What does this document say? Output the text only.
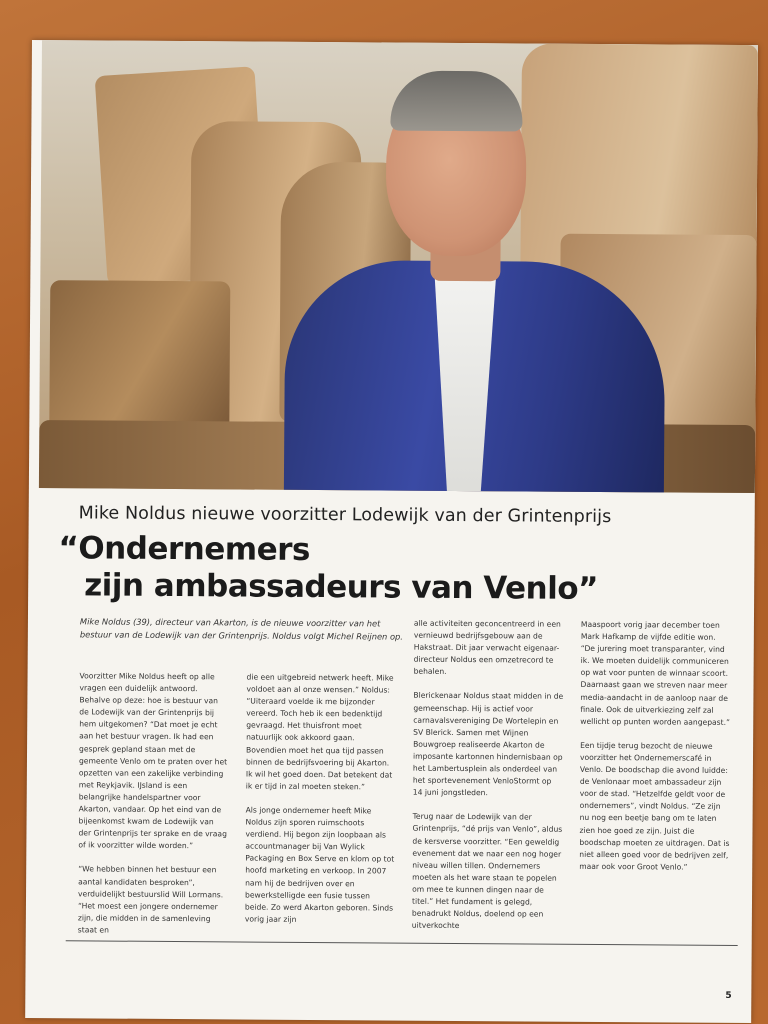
Mike Noldus nieuwe voorzitter Lodewijk van der Grintenprijs
“Ondernemers
zijn ambassadeurs van Venlo”
Mike Noldus (39), directeur van Akarton, is de nieuwe voorzitter van het bestuur van de Lodewijk van der Grintenprijs. Noldus volgt Michel Reijnen op.

Voorzitter Mike Noldus heeft op alle vragen een duidelijk antwoord. Behalve op deze: hoe is bestuur van de Lodewijk van der Grintenprijs bij hem uitgekomen? “Dat moet je echt aan het bestuur vragen. Ik had een gesprek gepland staan met de gemeente Venlo om te praten over het opzetten van een zakelijke verbinding met Reykjavik. IJsland is een belangrijke handelspartner voor Akarton, vandaar. Op het eind van de bijeenkomst kwam de Lodewijk van der Grintenprijs ter sprake en de vraag of ik voorzitter wilde worden.”

“We hebben binnen het bestuur een aantal kandidaten besproken”, verduidelijkt bestuurslid Will Lormans. “Het moest een jongere ondernemer zijn, die midden in de samenleving staat en

die een uitgebreid netwerk heeft. Mike voldoet aan al onze wensen.” Noldus: “Uiteraard voelde ik me bijzonder vereerd. Toch heb ik een bedenktijd gevraagd. Het thuisfront moet natuurlijk ook akkoord gaan. Bovendien moet het qua tijd passen binnen de bedrijfsvoering bij Akarton. Ik wil het goed doen. Dat betekent dat ik er tijd in zal moeten steken.”

Als jonge ondernemer heeft Mike Noldus zijn sporen ruimschoots verdiend. Hij begon zijn loopbaan als accountmanager bij Van Wylick Packaging en Box Serve en klom op tot hoofd marketing en verkoop. In 2007 nam hij de bedrijven over en bewerkstelligde een fusie tussen beide. Zo werd Akarton geboren. Sinds vorig jaar zijn

alle activiteiten geconcentreerd in een vernieuwd bedrijfsgebouw aan de Hakstraat. Dit jaar verwacht eigenaar-directeur Noldus een omzetrecord te behalen.

Blerickenaar Noldus staat midden in de gemeenschap. Hij is actief voor carnavalsvereniging De Wortelepin en SV Blerick. Samen met Wijnen Bouwgroep realiseerde Akarton de imposante kartonnen hindernisbaan op het Lambertusplein als onderdeel van het sportevenement VenloStormt op 14 juni jongstleden.

Terug naar de Lodewijk van der Grintenprijs, “dé prijs van Venlo”, aldus de kersverse voorzitter. “Een geweldig evenement dat we naar een nog hoger niveau willen tillen. Ondernemers moeten als het ware staan te popelen om mee te kunnen dingen naar de titel.” Het fundament is gelegd, benadrukt Noldus, doelend op een uitverkochte

Maaspoort vorig jaar december toen Mark Hafkamp de vijfde editie won. “De jurering moet transparanter, vind ik. We moeten duidelijk communiceren op wat voor punten de winnaar scoort. Daarnaast gaan we streven naar meer media-aandacht in de aanloop naar de finale. Ook de uitverkiezing zelf zal wellicht op punten worden aangepast.”

Een tijdje terug bezocht de nieuwe voorzitter het Ondernemerscafé in Venlo. De boodschap die avond luidde: de Venlonaar moet ambassadeur zijn voor de stad. “Hetzelfde geldt voor de ondernemers”, vindt Noldus. “Ze zijn nu nog een beetje bang om te laten zien hoe goed ze zijn. Juist die boodschap moeten ze uitdragen. Dat is niet alleen goed voor de bedrijven zelf, maar ook voor Groot Venlo.”

5
